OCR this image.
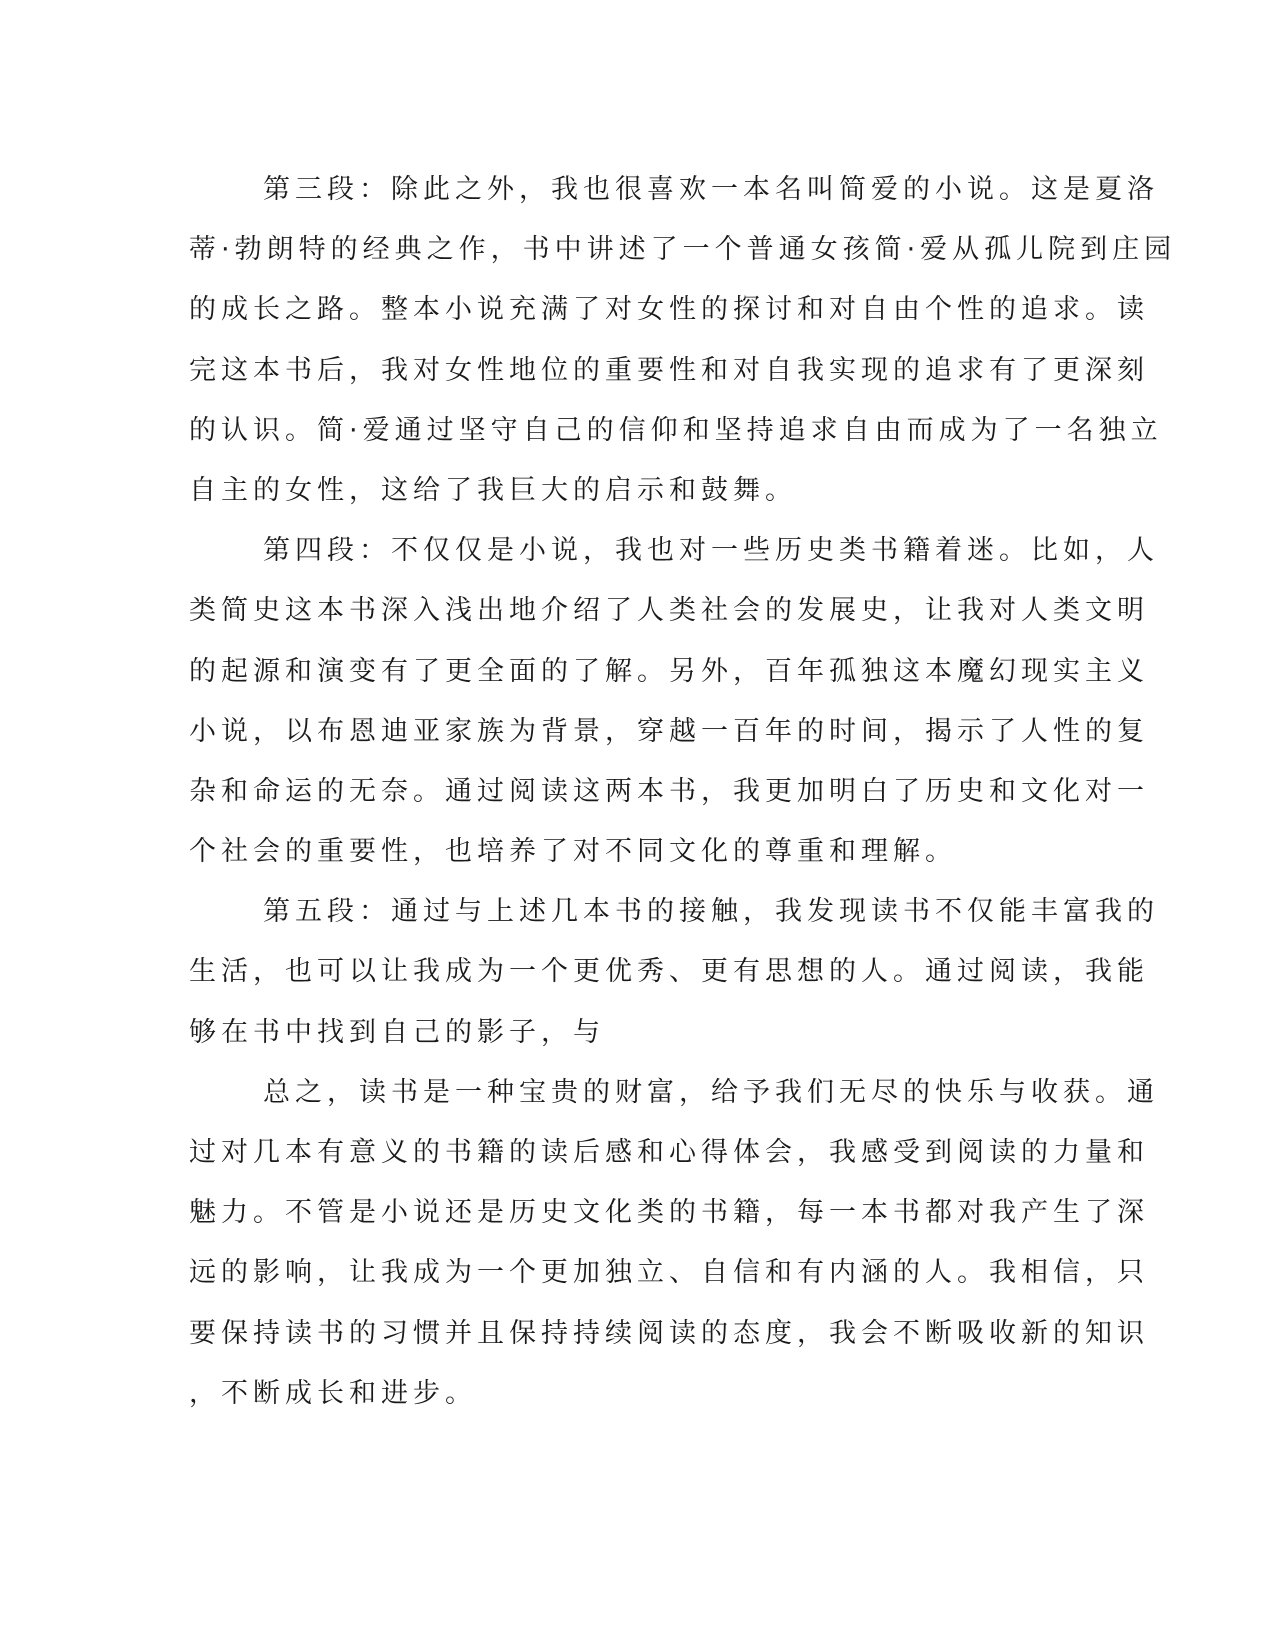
第三段：除此之外，我也很喜欢一本名叫简爱的小说。这是夏洛
蒂·勃朗特的经典之作，书中讲述了一个普通女孩简·爱从孤儿院到庄园
的成长之路。整本小说充满了对女性的探讨和对自由个性的追求。读
完这本书后，我对女性地位的重要性和对自我实现的追求有了更深刻
的认识。简·爱通过坚守自己的信仰和坚持追求自由而成为了一名独立
自主的女性，这给了我巨大的启示和鼓舞。
第四段：不仅仅是小说，我也对一些历史类书籍着迷。比如，人
类简史这本书深入浅出地介绍了人类社会的发展史，让我对人类文明
的起源和演变有了更全面的了解。另外，百年孤独这本魔幻现实主义
小说，以布恩迪亚家族为背景，穿越一百年的时间，揭示了人性的复
杂和命运的无奈。通过阅读这两本书，我更加明白了历史和文化对一
个社会的重要性，也培养了对不同文化的尊重和理解。
第五段：通过与上述几本书的接触，我发现读书不仅能丰富我的
生活，也可以让我成为一个更优秀、更有思想的人。通过阅读，我能
够在书中找到自己的影子，与
总之，读书是一种宝贵的财富，给予我们无尽的快乐与收获。通
过对几本有意义的书籍的读后感和心得体会，我感受到阅读的力量和
魅力。不管是小说还是历史文化类的书籍，每一本书都对我产生了深
远的影响，让我成为一个更加独立、自信和有内涵的人。我相信，只
要保持读书的习惯并且保持持续阅读的态度，我会不断吸收新的知识
，不断成长和进步。
